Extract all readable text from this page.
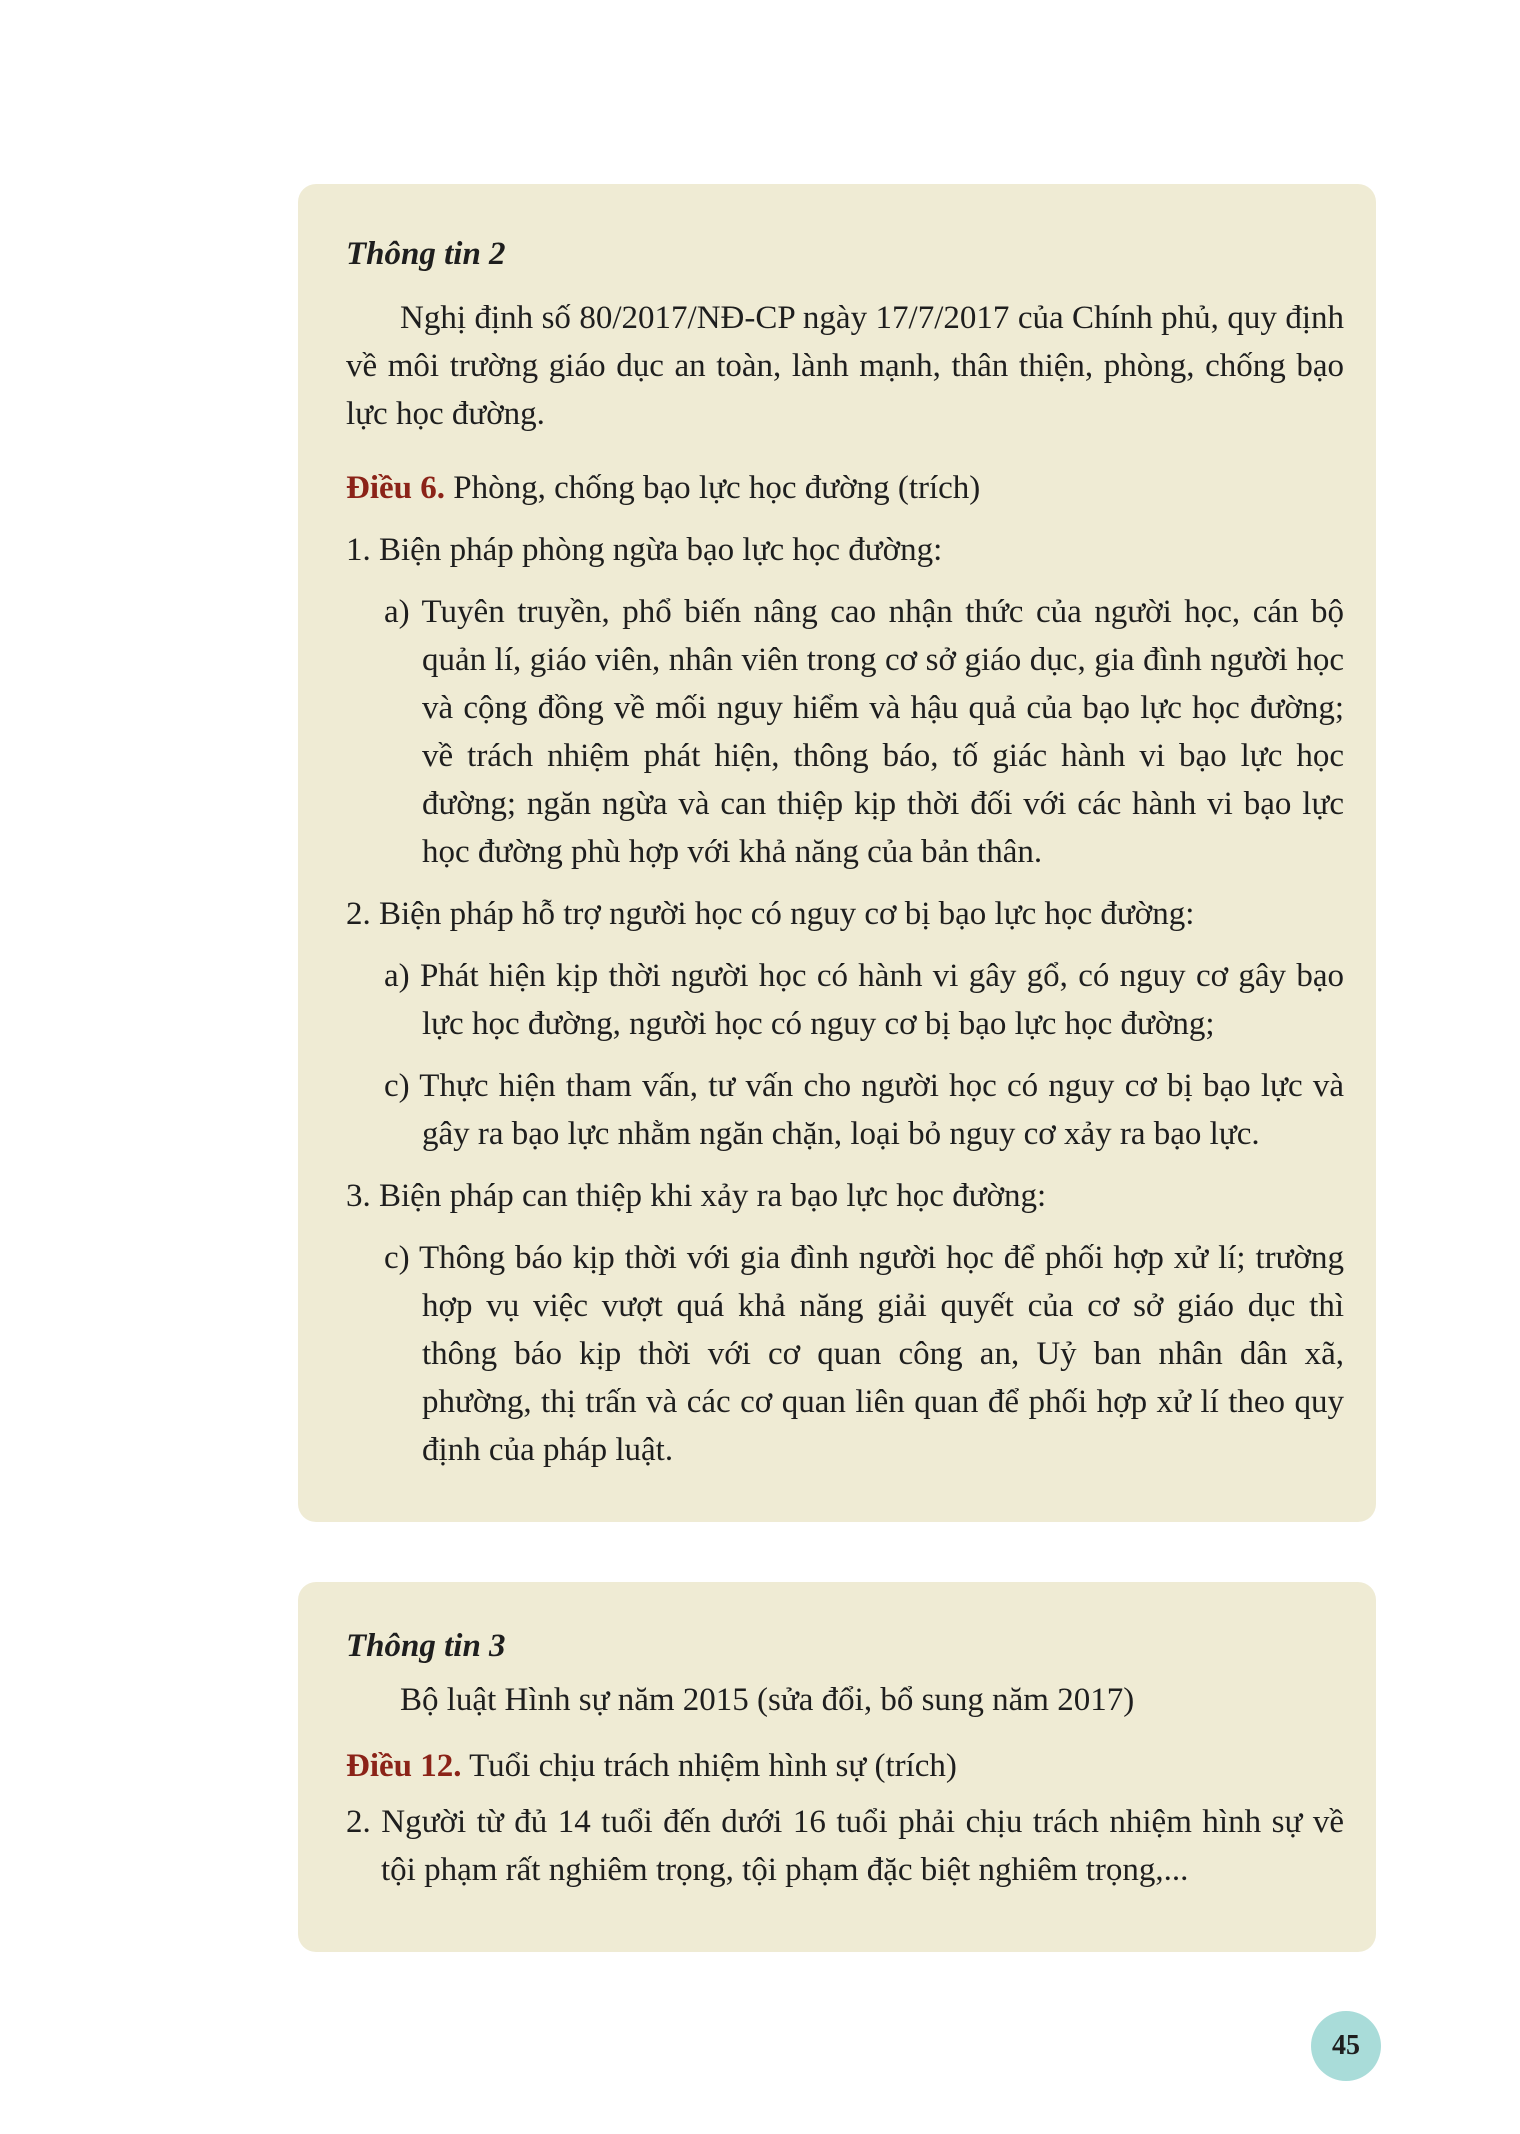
Thông tin 2

Nghị định số 80/2017/NĐ-CP ngày 17/7/2017 của Chính phủ, quy định về môi trường giáo dục an toàn, lành mạnh, thân thiện, phòng, chống bạo lực học đường.

Điều 6. Phòng, chống bạo lực học đường (trích)

1. Biện pháp phòng ngừa bạo lực học đường:

a) Tuyên truyền, phổ biến nâng cao nhận thức của người học, cán bộ quản lí, giáo viên, nhân viên trong cơ sở giáo dục, gia đình người học và cộng đồng về mối nguy hiểm và hậu quả của bạo lực học đường; về trách nhiệm phát hiện, thông báo, tố giác hành vi bạo lực học đường; ngăn ngừa và can thiệp kịp thời đối với các hành vi bạo lực học đường phù hợp với khả năng của bản thân.

2. Biện pháp hỗ trợ người học có nguy cơ bị bạo lực học đường:

a) Phát hiện kịp thời người học có hành vi gây gổ, có nguy cơ gây bạo lực học đường, người học có nguy cơ bị bạo lực học đường;

c) Thực hiện tham vấn, tư vấn cho người học có nguy cơ bị bạo lực và gây ra bạo lực nhằm ngăn chặn, loại bỏ nguy cơ xảy ra bạo lực.

3. Biện pháp can thiệp khi xảy ra bạo lực học đường:

c) Thông báo kịp thời với gia đình người học để phối hợp xử lí; trường hợp vụ việc vượt quá khả năng giải quyết của cơ sở giáo dục thì thông báo kịp thời với cơ quan công an, Uỷ ban nhân dân xã, phường, thị trấn và các cơ quan liên quan để phối hợp xử lí theo quy định của pháp luật.

Thông tin 3

Bộ luật Hình sự năm 2015 (sửa đổi, bổ sung năm 2017)

Điều 12. Tuổi chịu trách nhiệm hình sự (trích)

2. Người từ đủ 14 tuổi đến dưới 16 tuổi phải chịu trách nhiệm hình sự về tội phạm rất nghiêm trọng, tội phạm đặc biệt nghiêm trọng,...

45
